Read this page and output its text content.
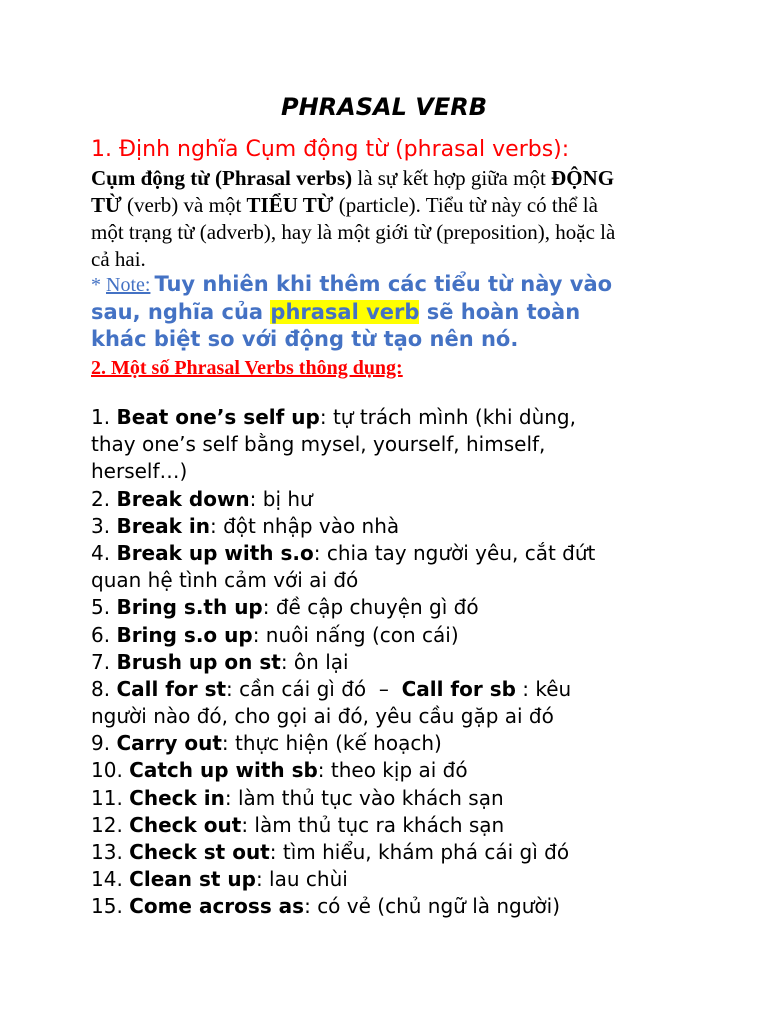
PHRASAL VERB
1. Định nghĩa Cụm động từ (phrasal verbs):
Cụm động từ (Phrasal verbs) là sự kết hợp giữa một ĐỘNG
TỪ (verb) và một TIỂU TỪ (particle). Tiểu từ này có thể là
một trạng từ (adverb), hay là một giới từ (preposition), hoặc là
cả hai.
* Note: Tuy nhiên khi thêm các tiểu từ này vào
sau, nghĩa của phrasal verb sẽ hoàn toàn
khác biệt so với động từ tạo nên nó.
2. Một số Phrasal Verbs thông dụng:
1. Beat one’s self up: tự trách mình (khi dùng,
thay one’s self bằng mysel, yourself, himself,
herself…)
2. Break down: bị hư
3. Break in: đột nhập vào nhà
4. Break up with s.o: chia tay người yêu, cắt đứt
quan hệ tình cảm với ai đó
5. Bring s.th up: đề cập chuyện gì đó
6. Bring s.o up: nuôi nấng (con cái)
7. Brush up on st: ôn lại
8. Call for st: cần cái gì đó  –  Call for sb : kêu
người nào đó, cho gọi ai đó, yêu cầu gặp ai đó
9. Carry out: thực hiện (kế hoạch)
10. Catch up with sb: theo kịp ai đó
11. Check in: làm thủ tục vào khách sạn
12. Check out: làm thủ tục ra khách sạn
13. Check st out: tìm hiểu, khám phá cái gì đó
14. Clean st up: lau chùi
15. Come across as: có vẻ (chủ ngữ là người)
